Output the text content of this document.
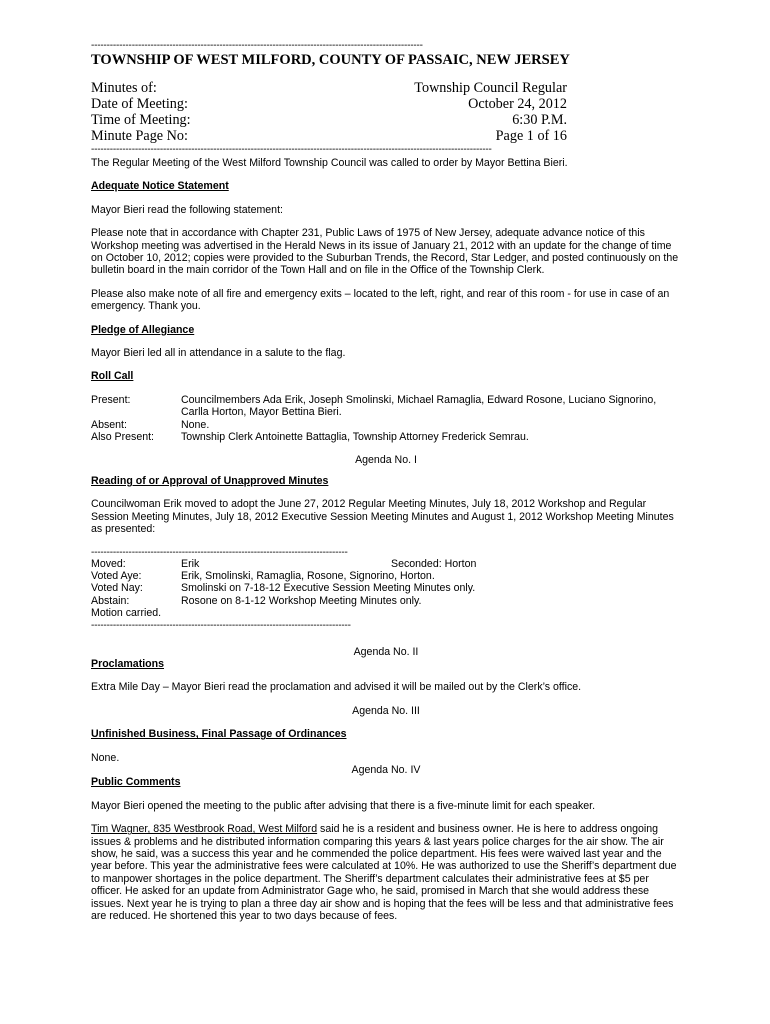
----------------------------------------------------------------------------------------------------------
TOWNSHIP OF WEST MILFORD, COUNTY OF PASSAIC, NEW JERSEY
Minutes of:	Township Council Regular
Date of Meeting:	October 24, 2012
Time of Meeting:	6:30 P.M.
Minute Page No:	Page 1 of 16
--------------------------------------------------------------------------------------------------------------------------------

The Regular Meeting of the West Milford Township Council was called to order by Mayor Bettina Bieri.

Adequate Notice Statement

Mayor Bieri read the following statement:

Please note that in accordance with Chapter 231, Public Laws of 1975 of New Jersey, adequate advance notice of this Workshop meeting was advertised in the Herald News in its issue of January 21, 2012 with an update for the change of time on October 10, 2012; copies were provided to the Suburban Trends, the Record, Star Ledger, and posted continuously on the bulletin board in the main corridor of the Town Hall and on file in the Office of the Township Clerk.

Please also make note of all fire and emergency exits – located to the left, right, and rear of this room - for use in case of an emergency. Thank you.

Pledge of Allegiance

Mayor Bieri led all in attendance in a salute to the flag.

Roll Call

Present:	Councilmembers Ada Erik, Joseph Smolinski, Michael Ramaglia, Edward Rosone, Luciano Signorino, Carlla Horton, Mayor Bettina Bieri.
Absent:	None.
Also Present:	Township Clerk Antoinette Battaglia, Township Attorney Frederick Semrau.

Agenda No. I

Reading of or Approval of Unapproved Minutes

Councilwoman Erik moved to adopt the June 27, 2012 Regular Meeting Minutes, July 18, 2012 Workshop and Regular Session Meeting Minutes, July 18, 2012 Executive Session Meeting Minutes and August 1, 2012 Workshop Meeting Minutes as presented:

----------------------------------------------------------------------------------
Moved:	Erik	Seconded: Horton
Voted Aye:	Erik, Smolinski, Ramaglia, Rosone, Signorino, Horton.
Voted Nay:	Smolinski on 7-18-12 Executive Session Meeting Minutes only.
Abstain:	Rosone on 8-1-12 Workshop Meeting Minutes only.

Motion carried.

-----------------------------------------------------------------------------------

Agenda No. II

Proclamations

Extra Mile Day – Mayor Bieri read the proclamation and advised it will be mailed out by the Clerk’s office.

Agenda No. III

Unfinished Business, Final Passage of Ordinances

None.

Agenda No. IV

Public Comments

Mayor Bieri opened the meeting to the public after advising that there is a five-minute limit for each speaker.

Tim Wagner, 835 Westbrook Road, West Milford said he is a resident and business owner. He is here to address ongoing issues & problems and he distributed information comparing this years & last years police charges for the air show. The air show, he said, was a success this year and he commended the police department. His fees were waived last year and the year before. This year the administrative fees were calculated at 10%. He was authorized to use the Sheriff’s department due to manpower shortages in the police department. The Sheriff’s department calculates their administrative fees at $5 per officer. He asked for an update from Administrator Gage who, he said, promised in March that she would address these issues. Next year he is trying to plan a three day air show and is hoping that the fees will be less and that administrative fees are reduced. He shortened this year to two days because of fees.
